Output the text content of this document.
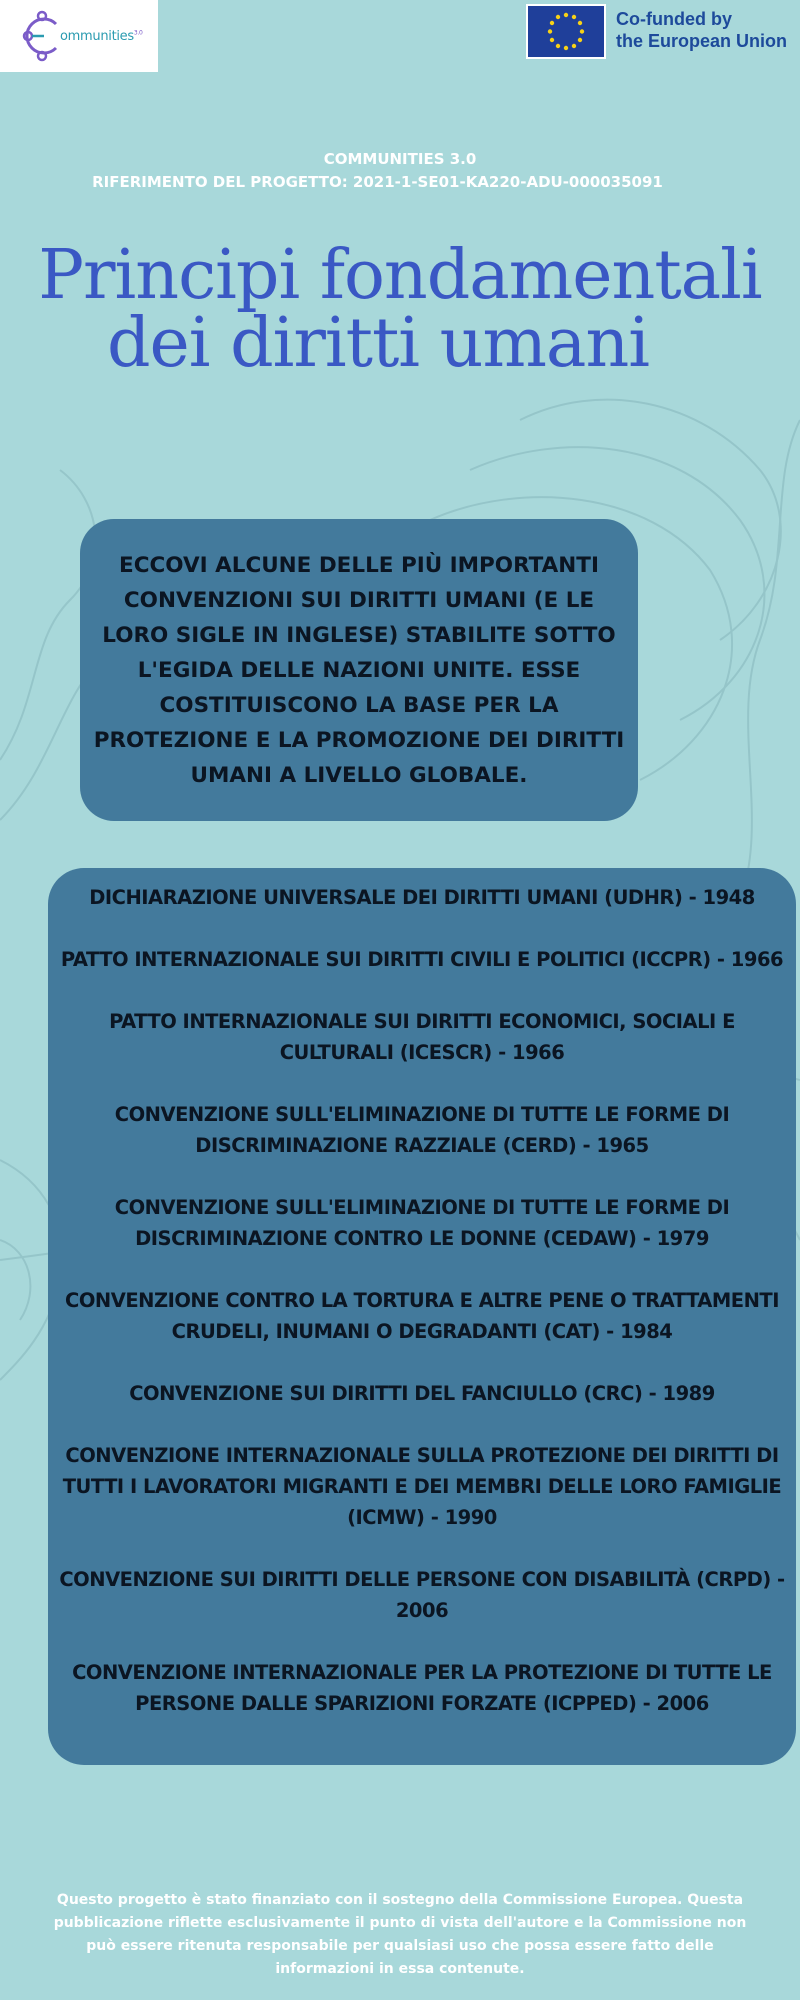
ommunities$^{3.0}$
Co-funded by
the European Union
COMMUNITIES 3.0
RIFERIMENTO DEL PROGETTO: 2021-1-SE01-KA220-ADU-000035091
Principi fondamentali
dei diritti umani
ECCOVI ALCUNE DELLE PIÙ IMPORTANTI CONVENZIONI SUI DIRITTI UMANI (E LE LORO SIGLE IN INGLESE) STABILITE SOTTO L'EGIDA DELLE NAZIONI UNITE. ESSE COSTITUISCONO LA BASE PER LA PROTEZIONE E LA PROMOZIONE DEI DIRITTI UMANI A LIVELLO GLOBALE.
DICHIARAZIONE UNIVERSALE DEI DIRITTI UMANI (UDHR) - 1948
PATTO INTERNAZIONALE SUI DIRITTI CIVILI E POLITICI (ICCPR) - 1966
PATTO INTERNAZIONALE SUI DIRITTI ECONOMICI, SOCIALI E CULTURALI (ICESCR) - 1966
CONVENZIONE SULL'ELIMINAZIONE DI TUTTE LE FORME DI DISCRIMINAZIONE RAZZIALE (CERD) - 1965
CONVENZIONE SULL'ELIMINAZIONE DI TUTTE LE FORME DI DISCRIMINAZIONE CONTRO LE DONNE (CEDAW) - 1979
CONVENZIONE CONTRO LA TORTURA E ALTRE PENE O TRATTAMENTI CRUDELI, INUMANI O DEGRADANTI (CAT) - 1984
CONVENZIONE SUI DIRITTI DEL FANCIULLO (CRC) - 1989
CONVENZIONE INTERNAZIONALE SULLA PROTEZIONE DEI DIRITTI DI TUTTI I LAVORATORI MIGRANTI E DEI MEMBRI DELLE LORO FAMIGLIE (ICMW) - 1990
CONVENZIONE SUI DIRITTI DELLE PERSONE CON DISABILITÀ (CRPD) - 2006
CONVENZIONE INTERNAZIONALE PER LA PROTEZIONE DI TUTTE LE PERSONE DALLE SPARIZIONI FORZATE (ICPPED) - 2006
Questo progetto è stato finanziato con il sostegno della Commissione Europea. Questa pubblicazione riflette esclusivamente il punto di vista dell'autore e la Commissione non può essere ritenuta responsabile per qualsiasi uso che possa essere fatto delle informazioni in essa contenute.
